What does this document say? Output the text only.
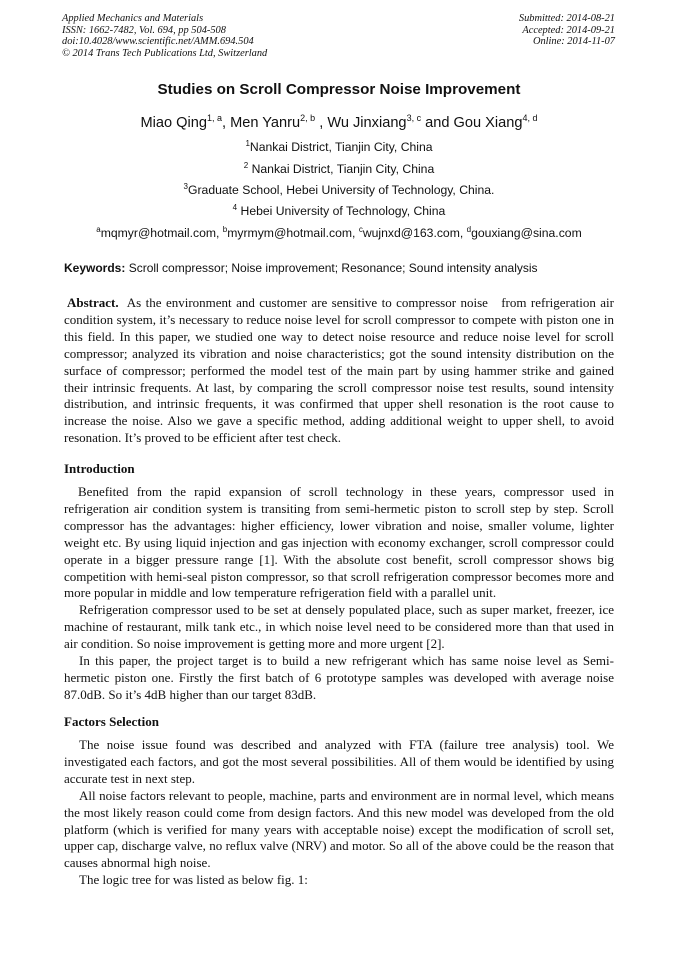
Applied Mechanics and Materials
ISSN: 1662-7482, Vol. 694, pp 504-508
doi:10.4028/www.scientific.net/AMM.694.504
© 2014 Trans Tech Publications Ltd, Switzerland
Submitted: 2014-08-21
Accepted: 2014-09-21
Online: 2014-11-07
Studies on Scroll Compressor Noise Improvement
Miao Qing$^{1, a}$, Men Yanru$^{2, b}$ , Wu Jinxiang$^{3, c}$ and Gou Xiang$^{4, d}$
$^1$Nankai District, Tianjin City, China
$^2$ Nankai District, Tianjin City, China
$^3$Graduate School, Hebei University of Technology, China.
$^4$ Hebei University of Technology, China
$^a$mqmyr@hotmail.com, $^b$myrmym@hotmail.com, $^c$wujnxd@163.com, $^d$gouxiang@sina.com
Keywords: Scroll compressor; Noise improvement; Resonance; Sound intensity analysis
Abstract.  As the environment and customer are sensitive to compressor noise   from refrigeration air condition system, it’s necessary to reduce noise level for scroll compressor to compete with piston one in this field. In this paper, we studied one way to detect noise resource and reduce noise level for scroll compressor; analyzed its vibration and noise characteristics; got the sound intensity distribution on the surface of compressor; performed the model test of the main part by using hammer strike and gained their intrinsic frequents. At last, by comparing the scroll compressor noise test results, sound intensity distribution, and intrinsic frequents, it was confirmed that upper shell resonation is the root cause to increase the noise. Also we gave a specific method, adding additional weight to upper shell, to avoid resonation. It’s proved to be efficient after test check.
Introduction

Benefited from the rapid expansion of scroll technology in these years, compressor used in refrigeration air condition system is transiting from semi-hermetic piston to scroll step by step. Scroll compressor has the advantages: higher efficiency, lower vibration and noise, smaller volume, lighter weight etc. By using liquid injection and gas injection with economy exchanger, scroll compressor could operate in a bigger pressure range [1]. With the absolute cost benefit, scroll compressor shows big competition with hemi-seal piston compressor, so that scroll refrigeration compressor becomes more and more popular in middle and low temperature refrigeration field with a parallel unit.

Refrigeration compressor used to be set at densely populated place, such as super market, freezer, ice machine of restaurant, milk tank etc., in which noise level need to be considered more than that used in air condition. So noise improvement is getting more and more urgent [2].

In this paper, the project target is to build a new refrigerant which has same noise level as Semi-hermetic piston one. Firstly the first batch of 6 prototype samples was developed with average noise 87.0dB. So it’s 4dB higher than our target 83dB.

Factors Selection

The noise issue found was described and analyzed with FTA (failure tree analysis) tool. We investigated each factors, and got the most several possibilities. All of them would be identified by using accurate test in next step.

All noise factors relevant to people, machine, parts and environment are in normal level, which means the most likely reason could come from design factors. And this new model was developed from the old platform (which is verified for many years with acceptable noise) except the modification of scroll set, upper cap, discharge valve, no reflux valve (NRV) and motor. So all of the above could be the reason that causes abnormal high noise.

The logic tree for was listed as below fig. 1:
